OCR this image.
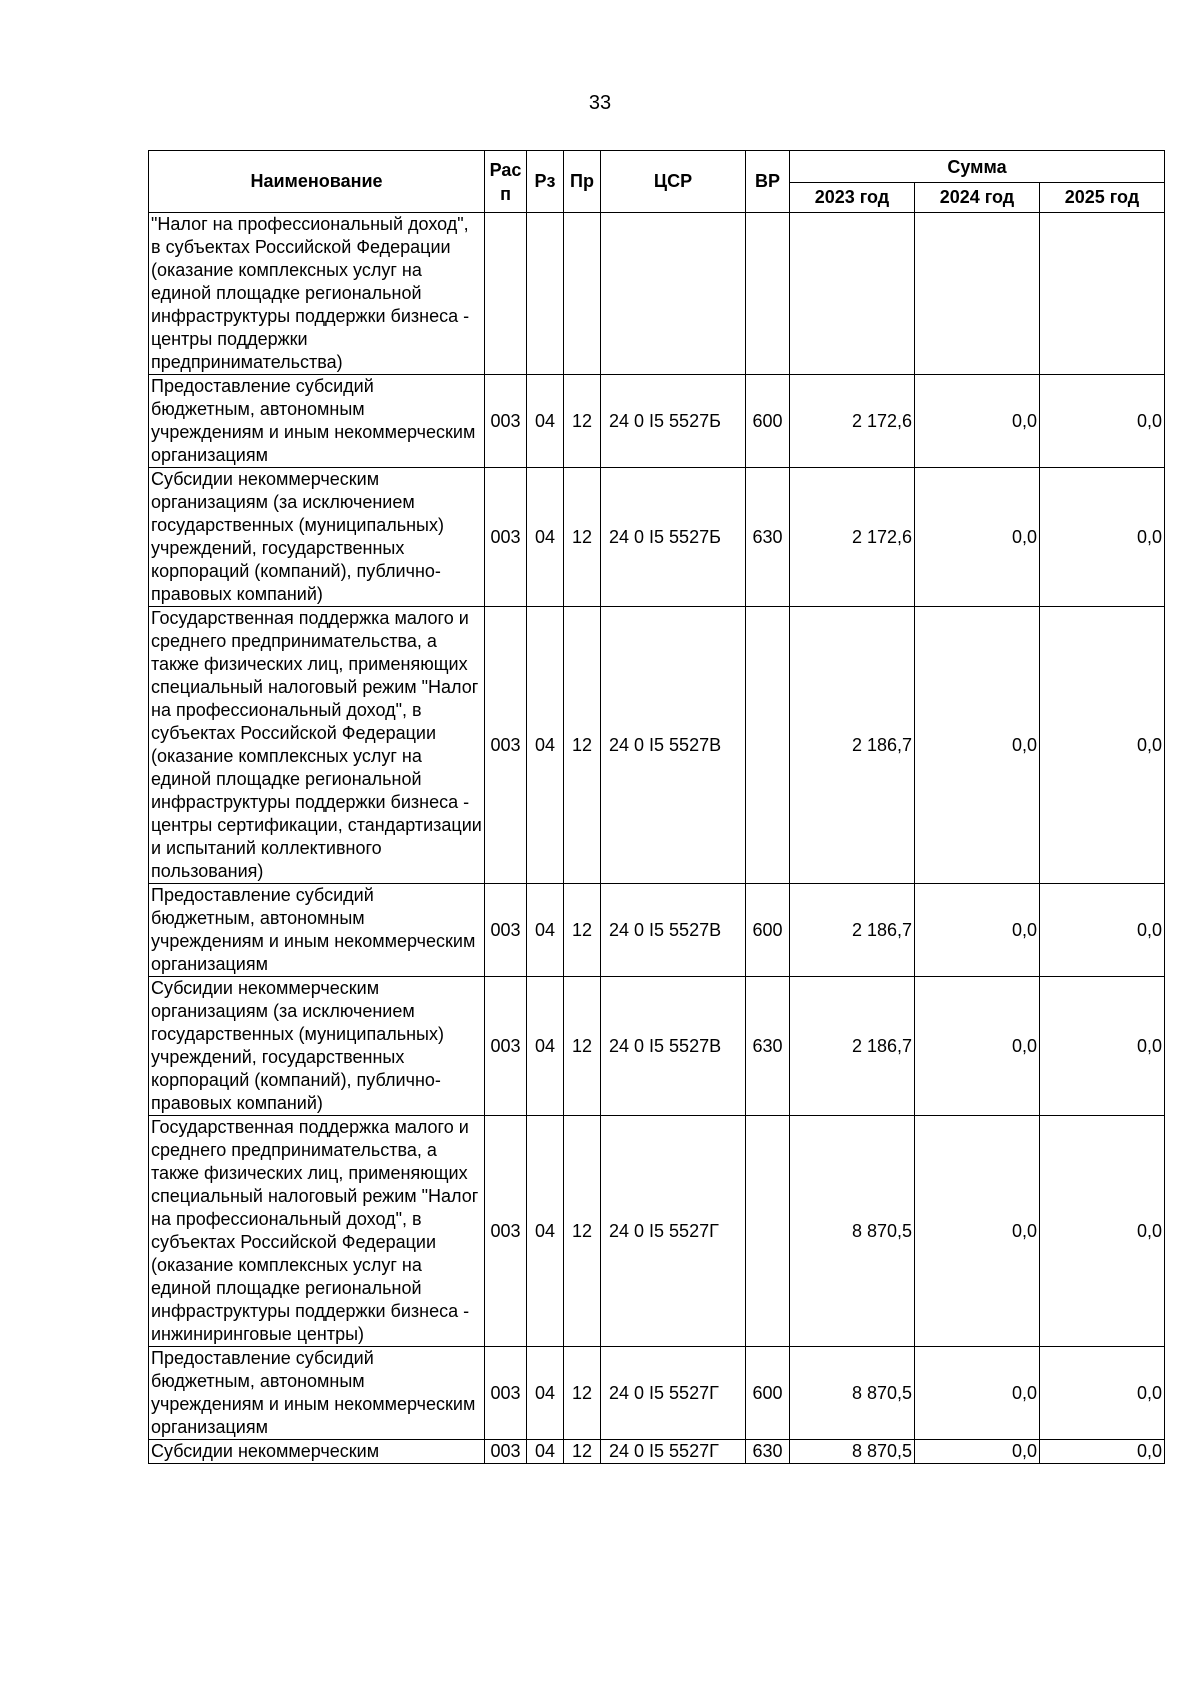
33
Наименование	Рас п	Рз	Пр	ЦСР	ВР	Сумма		
						2023 год	2024 год	2025 год
"Налог на профессиональный доход", в субъектах Российской Федерации (оказание комплексных услуг на единой площадке региональной инфраструктуры поддержки бизнеса - центры поддержки предпринимательства)								
Предоставление субсидий бюджетным, автономным учреждениям и иным некоммерческим организациям	003	04	12	24 0 I5 5527Б	600	2 172,6	0,0	0,0
Субсидии некоммерческим организациям (за исключением государственных (муниципальных) учреждений, государственных корпораций (компаний), публично-правовых компаний)	003	04	12	24 0 I5 5527Б	630	2 172,6	0,0	0,0
Государственная поддержка малого и среднего предпринимательства, а также физических лиц, применяющих специальный налоговый режим "Налог на профессиональный доход", в субъектах Российской Федерации (оказание комплексных услуг на единой площадке региональной инфраструктуры поддержки бизнеса - центры сертификации, стандартизации и испытаний коллективного пользования)	003	04	12	24 0 I5 5527В		2 186,7	0,0	0,0
Предоставление субсидий бюджетным, автономным учреждениям и иным некоммерческим организациям	003	04	12	24 0 I5 5527В	600	2 186,7	0,0	0,0
Субсидии некоммерческим организациям (за исключением государственных (муниципальных) учреждений, государственных корпораций (компаний), публично-правовых компаний)	003	04	12	24 0 I5 5527В	630	2 186,7	0,0	0,0
Государственная поддержка малого и среднего предпринимательства, а также физических лиц, применяющих специальный налоговый режим "Налог на профессиональный доход", в субъектах Российской Федерации (оказание комплексных услуг на единой площадке региональной инфраструктуры поддержки бизнеса - инжиниринговые центры)	003	04	12	24 0 I5 5527Г		8 870,5	0,0	0,0
Предоставление субсидий бюджетным, автономным учреждениям и иным некоммерческим организациям	003	04	12	24 0 I5 5527Г	600	8 870,5	0,0	0,0
Субсидии некоммерческим	003	04	12	24 0 I5 5527Г	630	8 870,5	0,0	0,0
